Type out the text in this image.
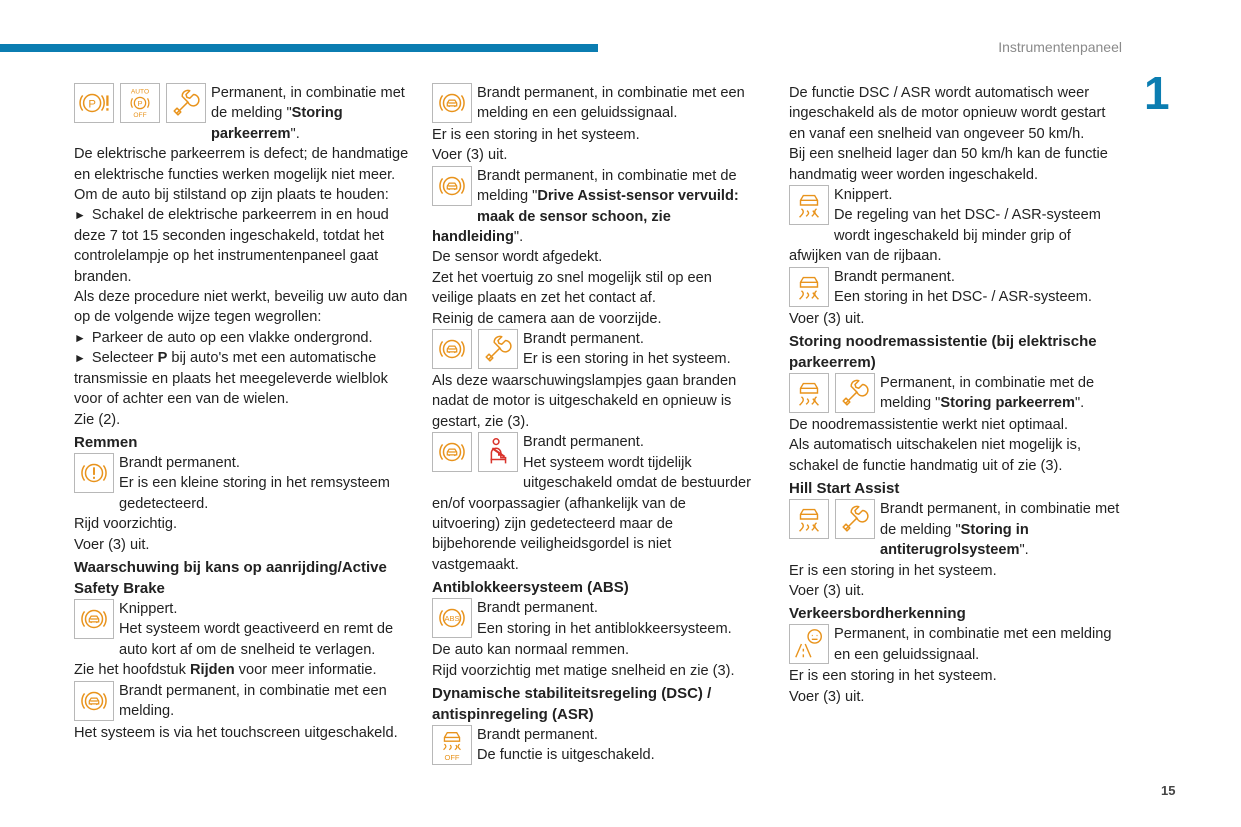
Instrumentenpaneel
1

Permanent, in combinatie met de melding "Storing parkeerrem".

De elektrische parkeerrem is defect; de handmatige en elektrische functies werken mogelijk niet meer.

Om de auto bij stilstand op zijn plaats te houden:

► Schakel de elektrische parkeerrem in en houd deze 7 tot 15 seconden ingeschakeld, totdat het controlelampje op het instrumentenpaneel gaat branden.

Als deze procedure niet werkt, beveilig uw auto dan op de volgende wijze tegen wegrollen:

► Parkeer de auto op een vlakke ondergrond.

► Selecteer P bij auto's met een automatische transmissie en plaats het meegeleverde wielblok voor of achter een van de wielen.

Zie (2).

Remmen

Brandt permanent.

Er is een kleine storing in het remsysteem gedetecteerd.

Rijd voorzichtig.

Voer (3) uit.

Waarschuwing bij kans op aanrijding/Active Safety Brake

Knippert.

Het systeem wordt geactiveerd en remt de auto kort af om de snelheid te verlagen.

Zie het hoofdstuk Rijden voor meer informatie.

Brandt permanent, in combinatie met een melding.

Het systeem is via het touchscreen uitgeschakeld.

Brandt permanent, in combinatie met een melding en een geluidssignaal.

Er is een storing in het systeem.

Voer (3) uit.

Brandt permanent, in combinatie met de melding "Drive Assist-sensor vervuild: maak de sensor schoon, zie handleiding".

De sensor wordt afgedekt.

Zet het voertuig zo snel mogelijk stil op een veilige plaats en zet het contact af.

Reinig de camera aan de voorzijde.

Brandt permanent.

Er is een storing in het systeem.

Als deze waarschuwingslampjes gaan branden nadat de motor is uitgeschakeld en opnieuw is gestart, zie (3).

Brandt permanent.

Het systeem wordt tijdelijk uitgeschakeld omdat de bestuurder en/of voorpassagier (afhankelijk van de uitvoering) zijn gedetecteerd maar de bijbehorende veiligheidsgordel is niet vastgemaakt.

Antiblokkeersysteem (ABS)

Brandt permanent.

Een storing in het antiblokkeersysteem.

De auto kan normaal remmen.

Rijd voorzichtig met matige snelheid en zie (3).

Dynamische stabiliteitsregeling (DSC) / antispinregeling (ASR)

Brandt permanent.

De functie is uitgeschakeld.

De functie DSC / ASR wordt automatisch weer ingeschakeld als de motor opnieuw wordt gestart en vanaf een snelheid van ongeveer 50 km/h.

Bij een snelheid lager dan 50 km/h kan de functie handmatig weer worden ingeschakeld.

Knippert.

De regeling van het DSC- / ASR-systeem wordt ingeschakeld bij minder grip of afwijken van de rijbaan.

Brandt permanent.

Een storing in het DSC- / ASR-systeem.

Voer (3) uit.

Storing noodremassistentie (bij elektrische parkeerrem)

Permanent, in combinatie met de melding "Storing parkeerrem".

De noodremassistentie werkt niet optimaal.

Als automatisch uitschakelen niet mogelijk is, schakel de functie handmatig uit of zie (3).

Hill Start Assist

Brandt permanent, in combinatie met de melding "Storing in antiterugrolsysteem".

Er is een storing in het systeem.

Voer (3) uit.

Verkeersbordherkenning

Permanent, in combinatie met een melding en een geluidssignaal.

Er is een storing in het systeem.

Voer (3) uit.

15
